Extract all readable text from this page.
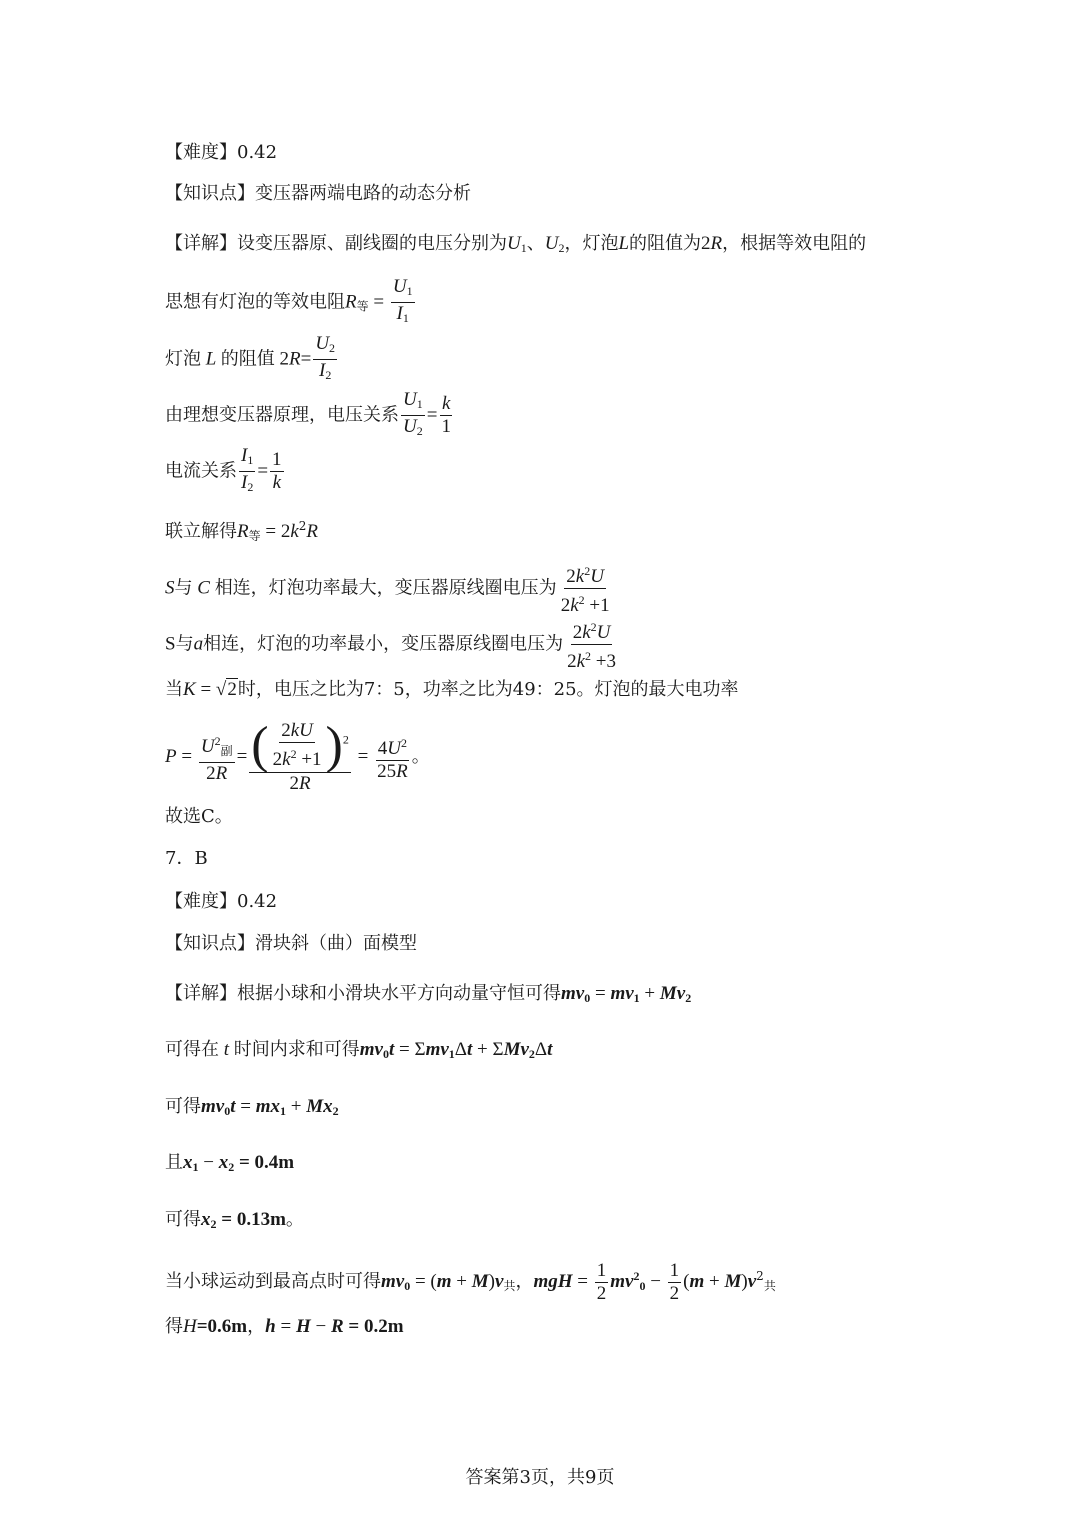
【难度】0.42
【知识点】变压器两端电路的动态分析
【详解】设变压器原、副线圈的电压分别为$U_1$、$U_2$，灯泡L的阻值为2R，根据等效电阻的
思想有灯泡的等效电阻$R_等 = \frac{U_1}{I_1}$
灯泡 L 的阻值 $2R= \frac{U_2}{I_2}$
由理想变压器原理，电压关系 $\frac{U_1}{U_2} = \frac{k}{1}$
电流关系 $\frac{I_1}{I_2} = \frac{1}{k}$
联立解得$R_等 = 2k^2R$
S与 C 相连，灯泡功率最大，变压器原线圈电压为 $\frac{2k^2U}{2k^2 +1}$
S与a相连，灯泡的功率最小，变压器原线圈电压为 $\frac{2k^2U}{2k^2 +3}$
当K = √2时，电压之比为7：5，功率之比为49：25。灯泡的最大电功率
$P = \frac{U^2_副}{2R} = \frac{( \frac{2kU}{2k^2 +1} ) ^2}{2R} = \frac{4U^2}{25R}$ 。
故选C。
7．B
【难度】0.42
【知识点】滑块斜（曲）面模型
【详解】根据小球和小滑块水平方向动量守恒可得$mv_0 = mv_1 + Mv_2$
可得在 t 时间内求和可得$mv_0t = \Sigma mv_1\Delta t + \Sigma Mv_2\Delta t$
可得$mv_0t = mx_1 + Mx_2$
且$x_1 - x_2 = 0.4m$
可得$x_2 = 0.13m$。
当小球运动到最高点时可得$mv_0 = (m + M)v_共$，mgH = $\frac{1}{2} mv^2_0 - \frac{1}{2} (m + M)v^2_共$
得H=0.6m，h = H − R = 0.2m
答案第3页，共9页
